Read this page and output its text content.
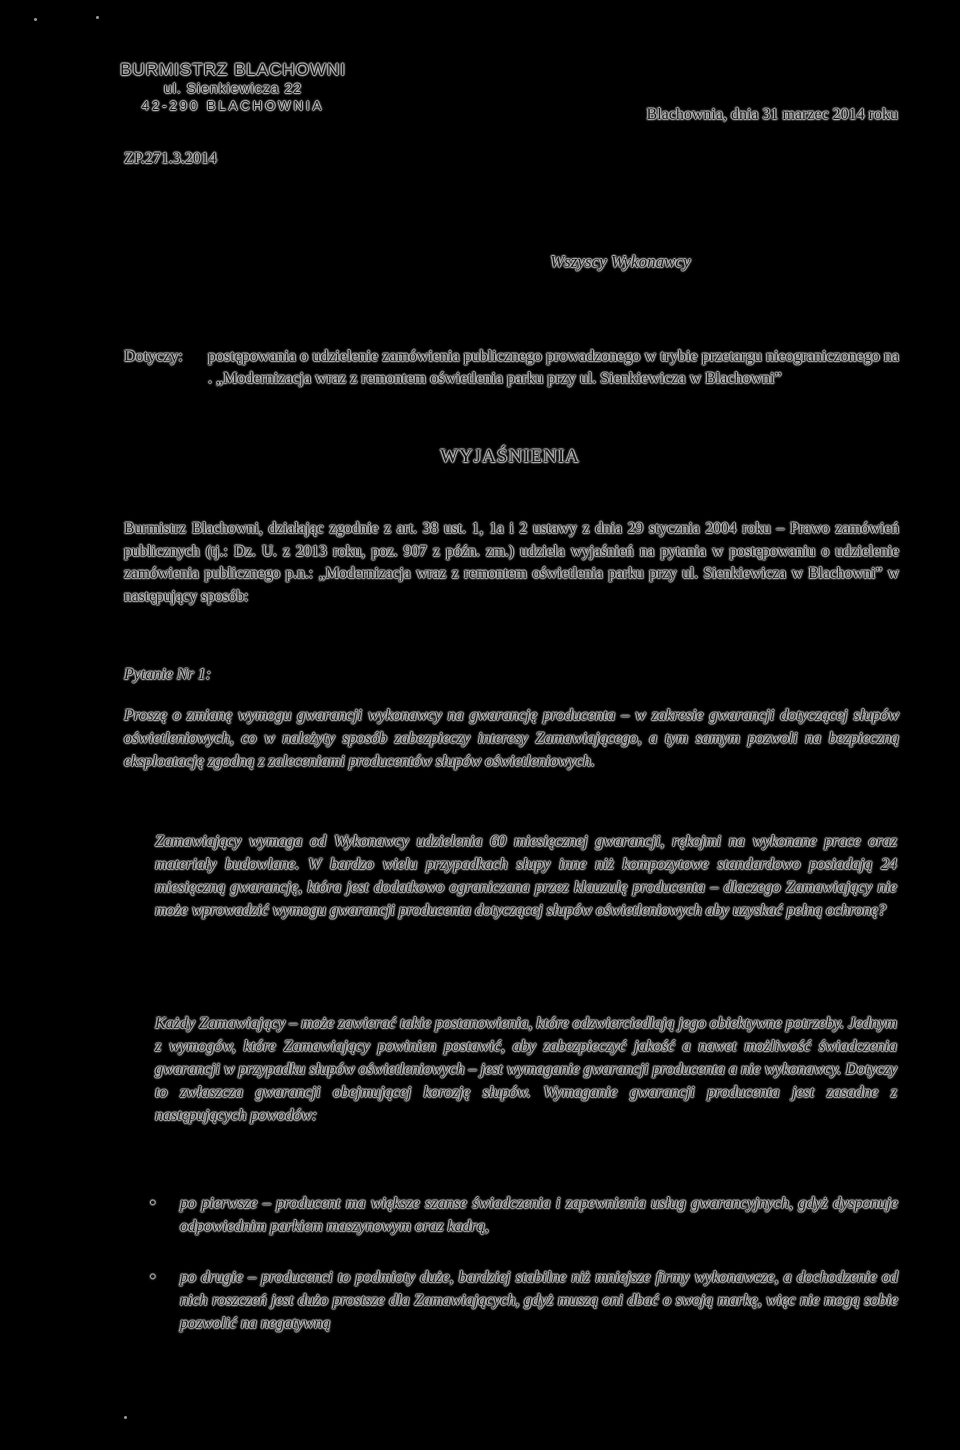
BURMISTRZ BLACHOWNI
ul. Sienkiewicza 22
42-290 BLACHOWNIA
Blachownia, dnia 31 marzec 2014 roku
ZP.271.3.2014
Wszyscy Wykonawcy
Dotyczy: postępowania o udzielenie zamówienia publicznego prowadzonego w trybie przetargu nieograniczonego na . „Modernizacja wraz z remontem oświetlenia parku przy ul. Sienkiewicza w Blachowni”
WYJAŚNIENIA
Burmistrz Blachowni, działając zgodnie z art. 38 ust. 1, 1a i 2 ustawy z dnia 29 stycznia 2004 roku – Prawo zamówień publicznych (tj.: Dz. U. z 2013 roku, poz. 907 z późn. zm.) udziela wyjaśnień na pytania w postępowaniu o udzielenie zamówienia publicznego p.n.: „Modernizacja wraz z remontem oświetlenia parku przy ul. Sienkiewicza w Blachowni” w następujący sposób:
Pytanie Nr 1:
Proszę o zmianę wymogu gwarancji wykonawcy na gwarancję producenta – w zakresie gwarancji dotyczącej słupów oświetleniowych, co w należyty sposób zabezpieczy interesy Zamawiającego, a tym samym pozwoli na bezpieczną eksploatację zgodną z zaleceniami producentów słupów oświetleniowych.
Zamawiający wymaga od Wykonawcy udzielenia 60 miesięcznej gwarancji, rękojmi na wykonane prace oraz materiały budowlane. W bardzo wielu przypadkach słupy inne niż kompozytowe standardowo posiadają 24 miesięczną gwarancję, która jest dodatkowo ograniczana przez klauzulę producenta – dlaczego Zamawiający nie może wprowadzić wymogu gwarancji producenta dotyczącej słupów oświetleniowych aby uzyskać pełną ochronę?
Każdy Zamawiający – może zawierać takie postanowienia, które odzwierciedlają jego obiektywne potrzeby. Jednym z wymogów, które Zamawiający powinien postawić, aby zabezpieczyć jakość a nawet możliwość świadczenia gwarancji w przypadku słupów oświetleniowych – jest wymaganie gwarancji producenta a nie wykonawcy. Dotyczy to zwłaszcza gwarancji obejmującej korozję słupów. Wymaganie gwarancji producenta jest zasadne z następujących powodów:
• po pierwsze – producent ma większe szanse świadczenia i zapewnienia usług gwarancyjnych, gdyż dysponuje odpowiednim parkiem maszynowym oraz kadrą,
• po drugie – producenci to podmioty duże, bardziej stabilne niż mniejsze firmy wykonawcze, a dochodzenie od nich roszczeń jest dużo prostsze dla Zamawiających, gdyż muszą oni dbać o swoją markę, więc nie mogą sobie pozwolić na negatywną
